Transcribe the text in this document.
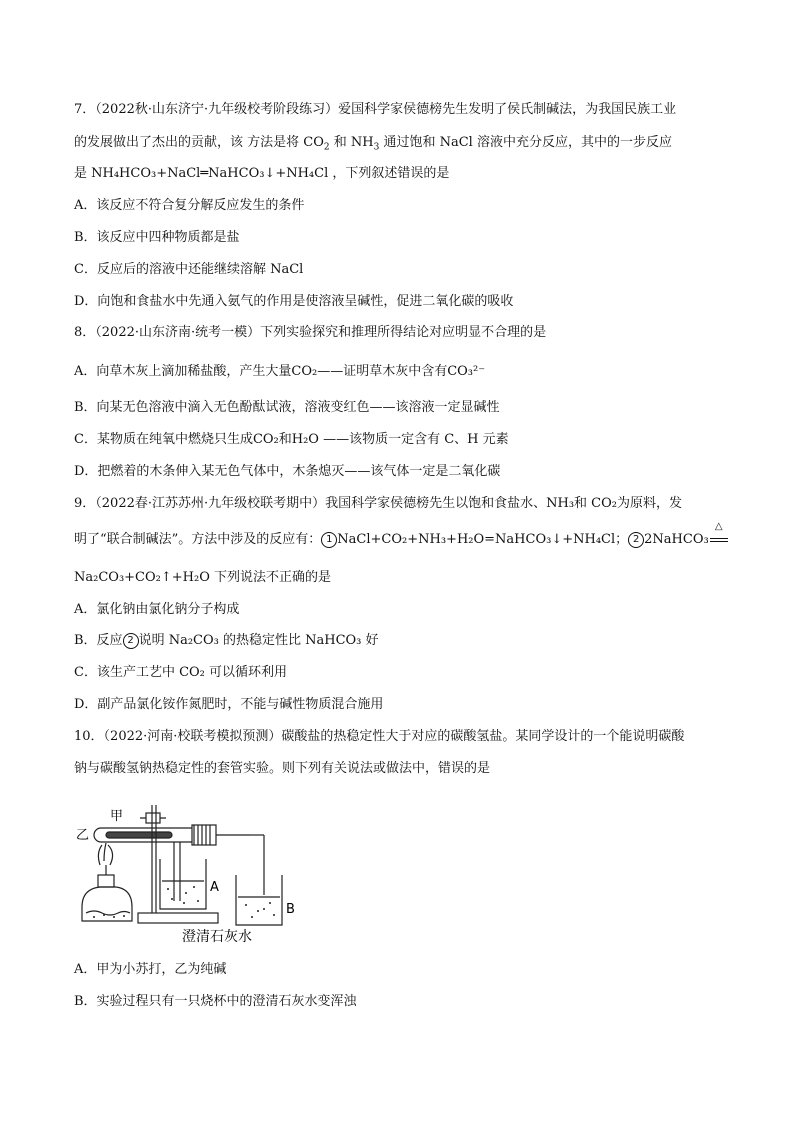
7．（2022秋·山东济宁·九年级校考阶段练习）爱国科学家侯德榜先生发明了侯氏制碱法，为我国民族工业
的发展做出了杰出的贡献，该 方法是将 $CO_2$ 和 $NH_3$ 通过饱和 NaCl 溶液中充分反应，其中的一步反应
是 NH₄HCO₃+NaCl═NaHCO₃↓+NH₄Cl ，下列叙述错误的是
A．该反应不符合复分解反应发生的条件
B．该反应中四种物质都是盐
C．反应后的溶液中还能继续溶解 NaCl
D．向饱和食盐水中先通入氨气的作用是使溶液呈碱性，促进二氧化碳的吸收
8．（2022·山东济南·统考一模）下列实验探究和推理所得结论对应明显不合理的是
A．向草木灰上滴加稀盐酸，产生大量CO₂——证明草木灰中含有CO₃²⁻
B．向某无色溶液中滴入无色酚酞试液，溶液变红色——该溶液一定显碱性
C．某物质在纯氧中燃烧只生成CO₂和H₂O ——该物质一定含有 C、H 元素
D．把燃着的木条伸入某无色气体中，木条熄灭——该气体一定是二氧化碳
9．（2022春·江苏苏州·九年级校联考期中）我国科学家侯德榜先生以饱和食盐水、NH₃和 CO₂为原料，发
明了“联合制碱法”。方法中涉及的反应有： 1 NaCl+CO₂+NH₃+H₂O=NaHCO₃↓+NH₄Cl； 2 2NaHCO₃
△
Na₂CO₃+CO₂↑+H₂O 下列说法不正确的是
A．氯化钠由氯化钠分子构成
B．反应 2 说明 Na₂CO₃ 的热稳定性比 NaHCO₃ 好
C．该生产工艺中 CO₂ 可以循环利用
D．副产品氯化铵作氮肥时，不能与碱性物质混合施用
10．（2022·河南·校联考模拟预测）碳酸盐的热稳定性大于对应的碳酸氢盐。某同学设计的一个能说明碳酸
钠与碳酸氢钠热稳定性的套管实验。则下列有关说法或做法中，错误的是
A．甲为小苏打，乙为纯碱
B．实验过程只有一只烧杯中的澄清石灰水变浑浊
乙
甲
A
B
澄清石灰水
